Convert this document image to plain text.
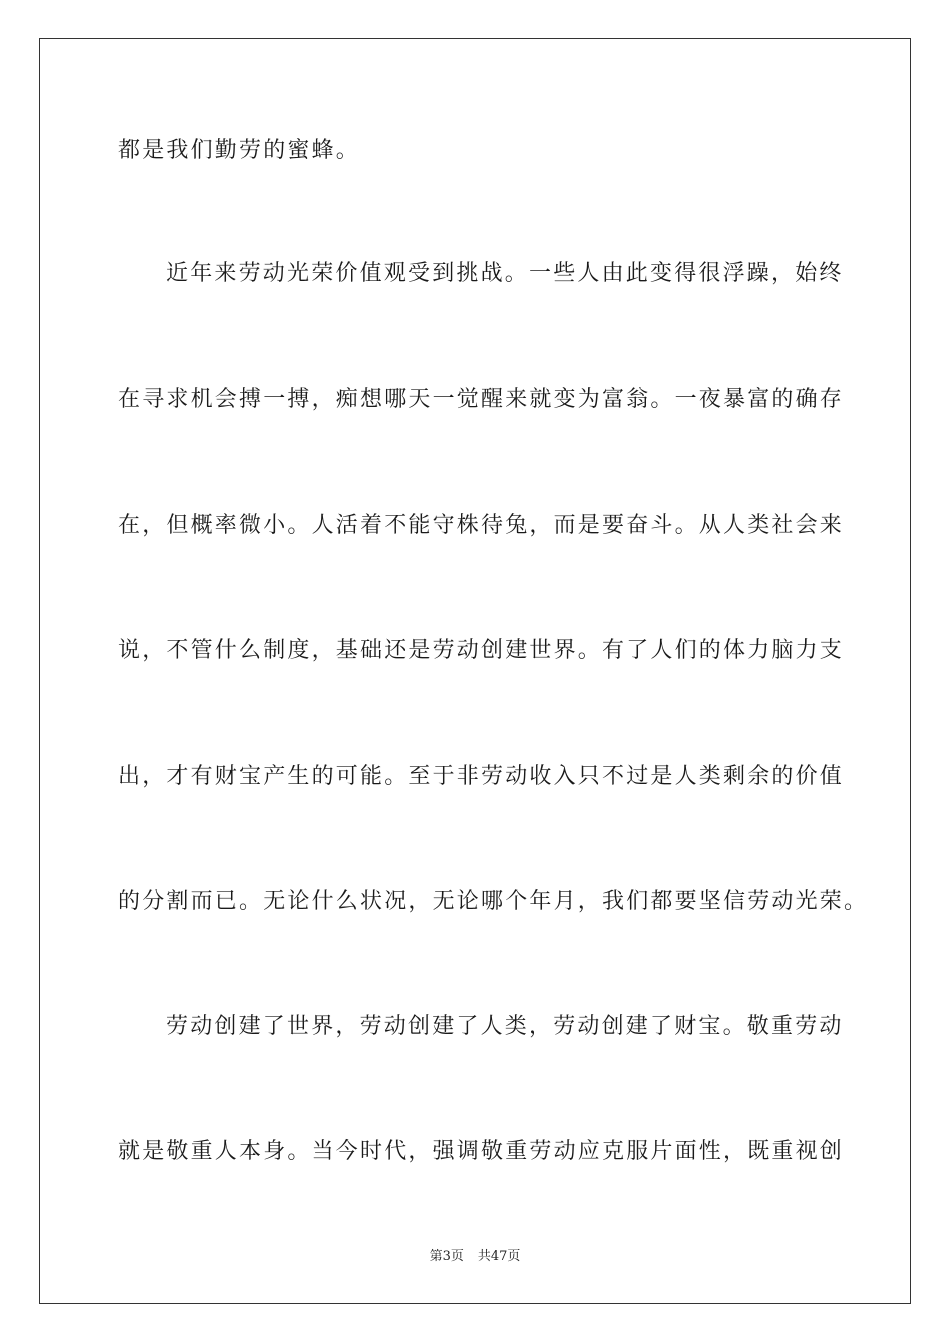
都是我们勤劳的蜜蜂。
近年来劳动光荣价值观受到挑战。一些人由此变得很浮躁，始终
在寻求机会搏一搏，痴想哪天一觉醒来就变为富翁。一夜暴富的确存
在，但概率微小。人活着不能守株待兔，而是要奋斗。从人类社会来
说，不管什么制度，基础还是劳动创建世界。有了人们的体力脑力支
出，才有财宝产生的可能。至于非劳动收入只不过是人类剩余的价值
的分割而已。无论什么状况，无论哪个年月，我们都要坚信劳动光荣。
劳动创建了世界，劳动创建了人类，劳动创建了财宝。敬重劳动
就是敬重人本身。当今时代，强调敬重劳动应克服片面性，既重视创
第3页 共47页
